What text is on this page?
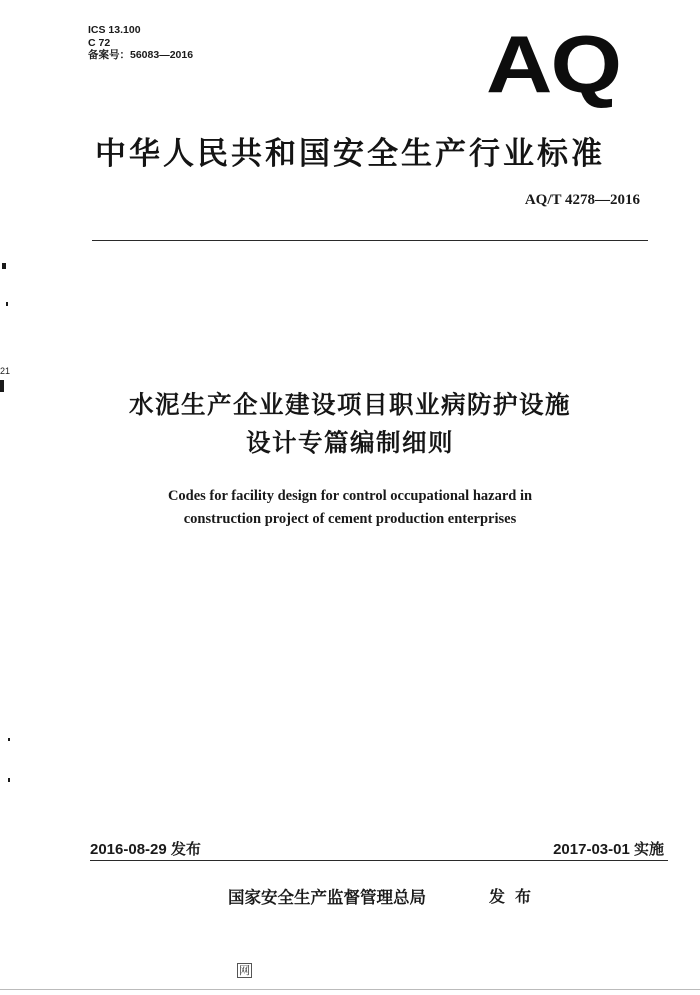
ICS 13.100
C 72
备案号：56083—2016	AQ
中华人民共和国安全生产行业标准
AQ/T 4278—2016
水泥生产企业建设项目职业病防护设施
设计专篇编制细则
Codes for facility design for control occupational hazard in
construction project of cement production enterprises
2016-08-29 发布	2017-03-01 实施
国家安全生产监督管理总局	发布
网
21
